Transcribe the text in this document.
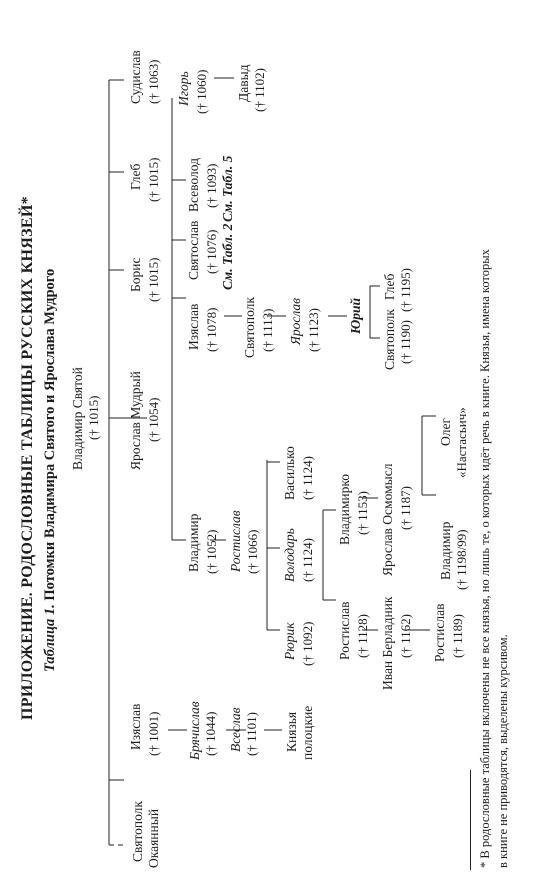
ПРИЛОЖЕНИЕ. РОДОСЛОВНЫЕ ТАБЛИЦЫ РУССКИХ КНЯЗЕЙ* Таблица 1. Потомки Владимира Святого и Ярослава Мудрого Владимир Святой († 1015)
Святополк Окаянный
Изяслав († 1001) Брячислав († 1044) Всеслав († 1101) Князья полоцкие
Ярослав Мудрый († 1054)
Борис († 1015)
Глеб († 1015)
Судислав († 1063)
Владимир († 1052) Ростислав († 1066)
Рюрик († 1092)
Володарь († 1124)
Василько († 1124)
Ростислав († 1128)
Владимирко († 1153)
Иван Берладник († 1162)
Ярослав Осмомысл († 1187)
Ростислав († 1189)
Владимир († 1198/99)
Олег «Настасьич»
Изяслав († 1078) Святополк († 1113) Ярослав († 1123) Юрий Святополк († 1190)
Глеб († 1195)
Святослав († 1076) См. Табл. 2
Всеволод († 1093) См. Табл. 5
Игорь († 1060) Давыд († 1102)
* В родословные таблицы включены не все князья, но лишь те, о которых идёт речь в книге. Князья, имена которых в книге не приводятся, выделены курсивом.
